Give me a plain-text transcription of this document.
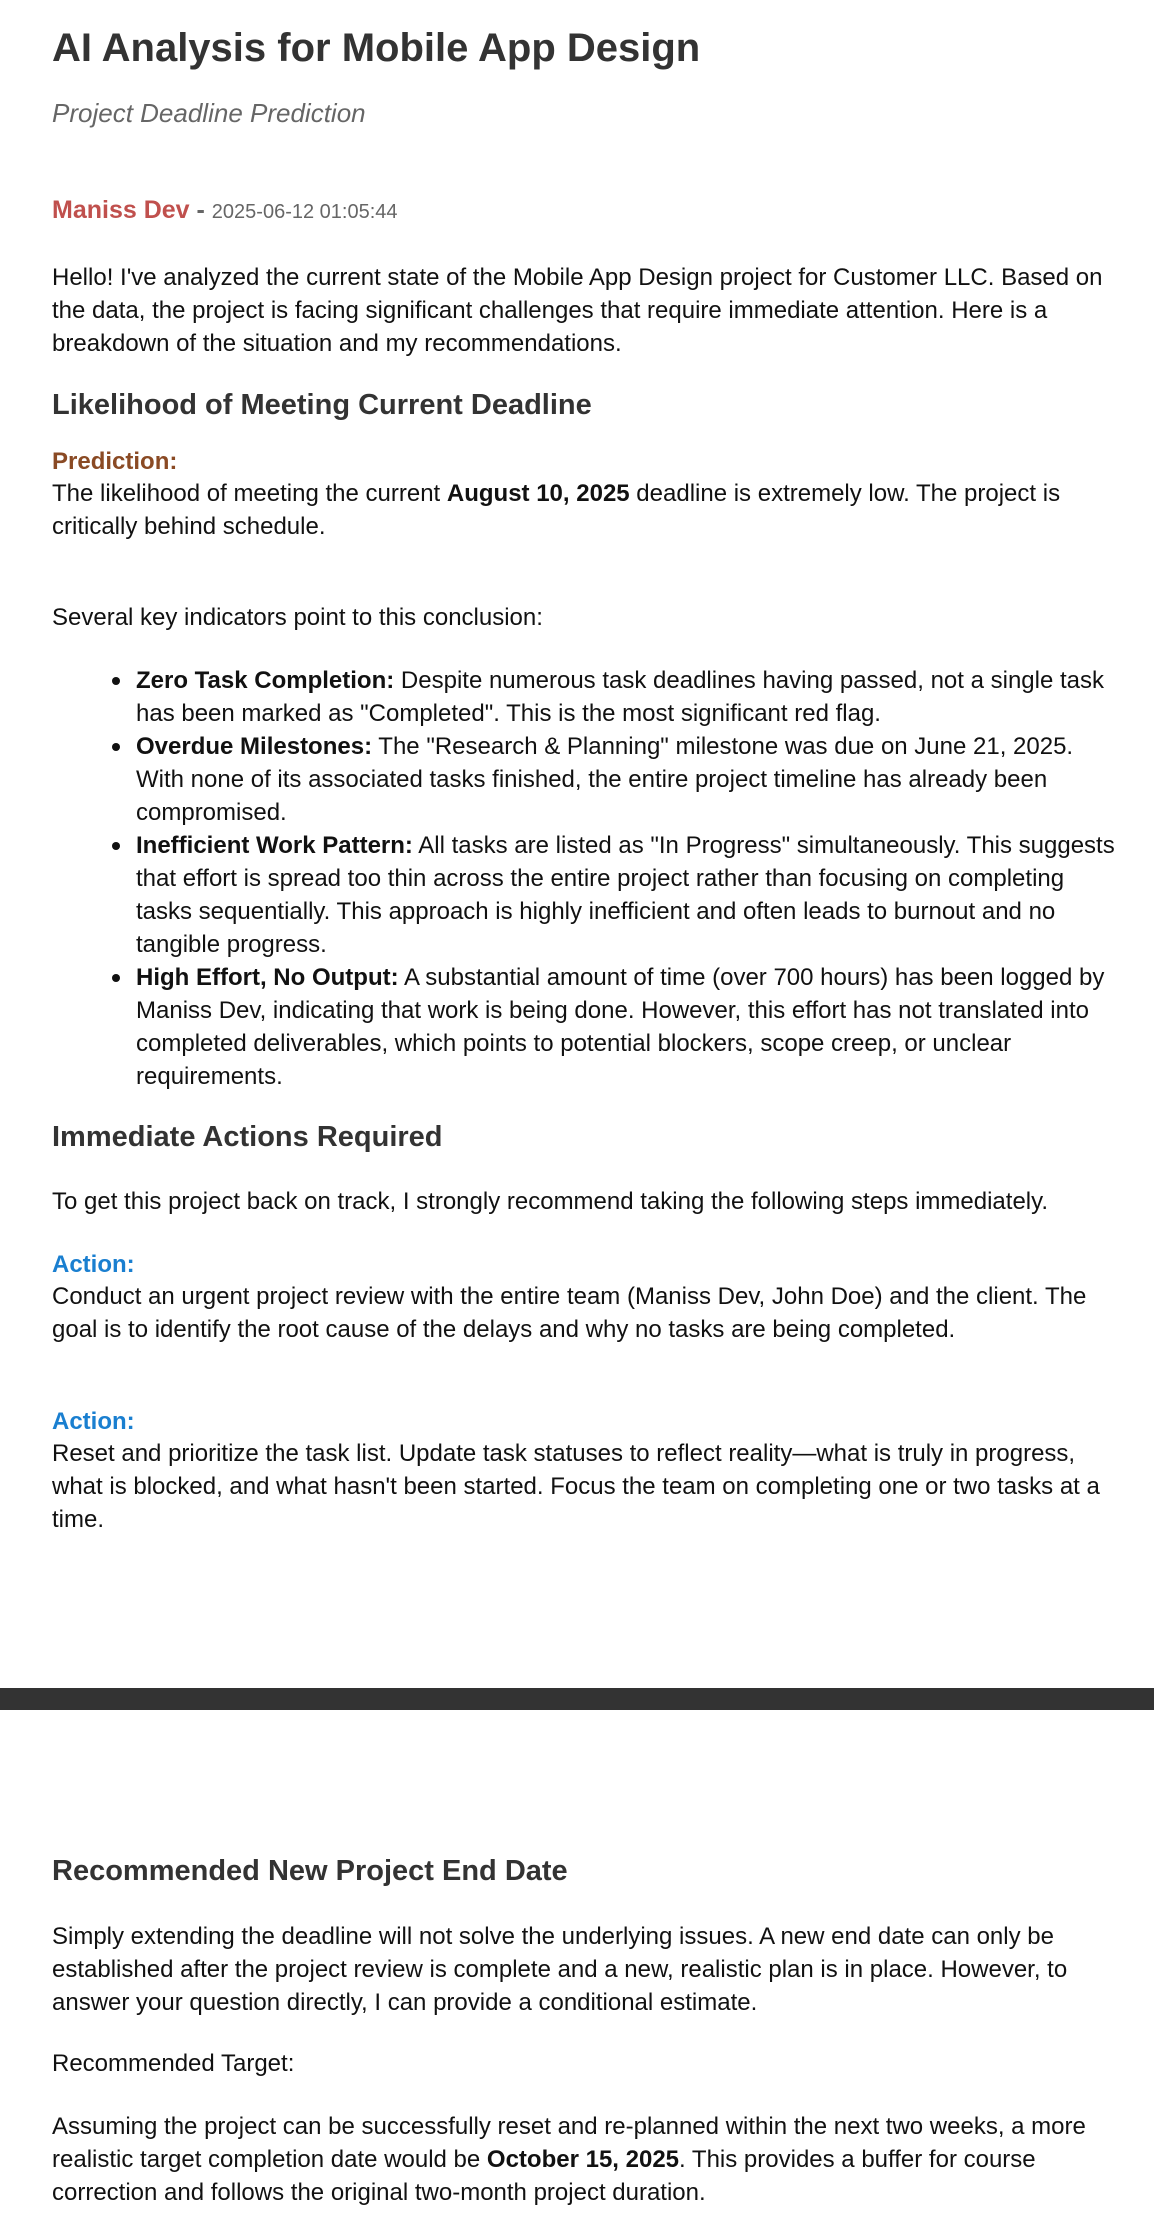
AI Analysis for Mobile App Design
Project Deadline Prediction
Maniss Dev - 2025-06-12 01:05:44

Hello! I've analyzed the current state of the Mobile App Design project for Customer LLC. Based on the data, the project is facing significant challenges that require immediate attention. Here is a breakdown of the situation and my recommendations.

Likelihood of Meeting Current Deadline
Prediction:

The likelihood of meeting the current August 10, 2025 deadline is extremely low. The project is critically behind schedule.

Several key indicators point to this conclusion:

Zero Task Completion: Despite numerous task deadlines having passed, not a single task has been marked as "Completed". This is the most significant red flag.
Overdue Milestones: The "Research & Planning" milestone was due on June 21, 2025. With none of its associated tasks finished, the entire project timeline has already been compromised.
Inefficient Work Pattern: All tasks are listed as "In Progress" simultaneously. This suggests that effort is spread too thin across the entire project rather than focusing on completing tasks sequentially. This approach is highly inefficient and often leads to burnout and no tangible progress.
High Effort, No Output: A substantial amount of time (over 700 hours) has been logged by Maniss Dev, indicating that work is being done. However, this effort has not translated into completed deliverables, which points to potential blockers, scope creep, or unclear requirements.
Immediate Actions Required

To get this project back on track, I strongly recommend taking the following steps immediately.

Action:

Conduct an urgent project review with the entire team (Maniss Dev, John Doe) and the client. The goal is to identify the root cause of the delays and why no tasks are being completed.

Action:

Reset and prioritize the task list. Update task statuses to reflect reality—what is truly in progress, what is blocked, and what hasn't been started. Focus the team on completing one or two tasks at a time.

Recommended New Project End Date

Simply extending the deadline will not solve the underlying issues. A new end date can only be established after the project review is complete and a new, realistic plan is in place. However, to answer your question directly, I can provide a conditional estimate.

Recommended Target:

Assuming the project can be successfully reset and re-planned within the next two weeks, a more realistic target completion date would be October 15, 2025. This provides a buffer for course correction and follows the original two-month project duration.
